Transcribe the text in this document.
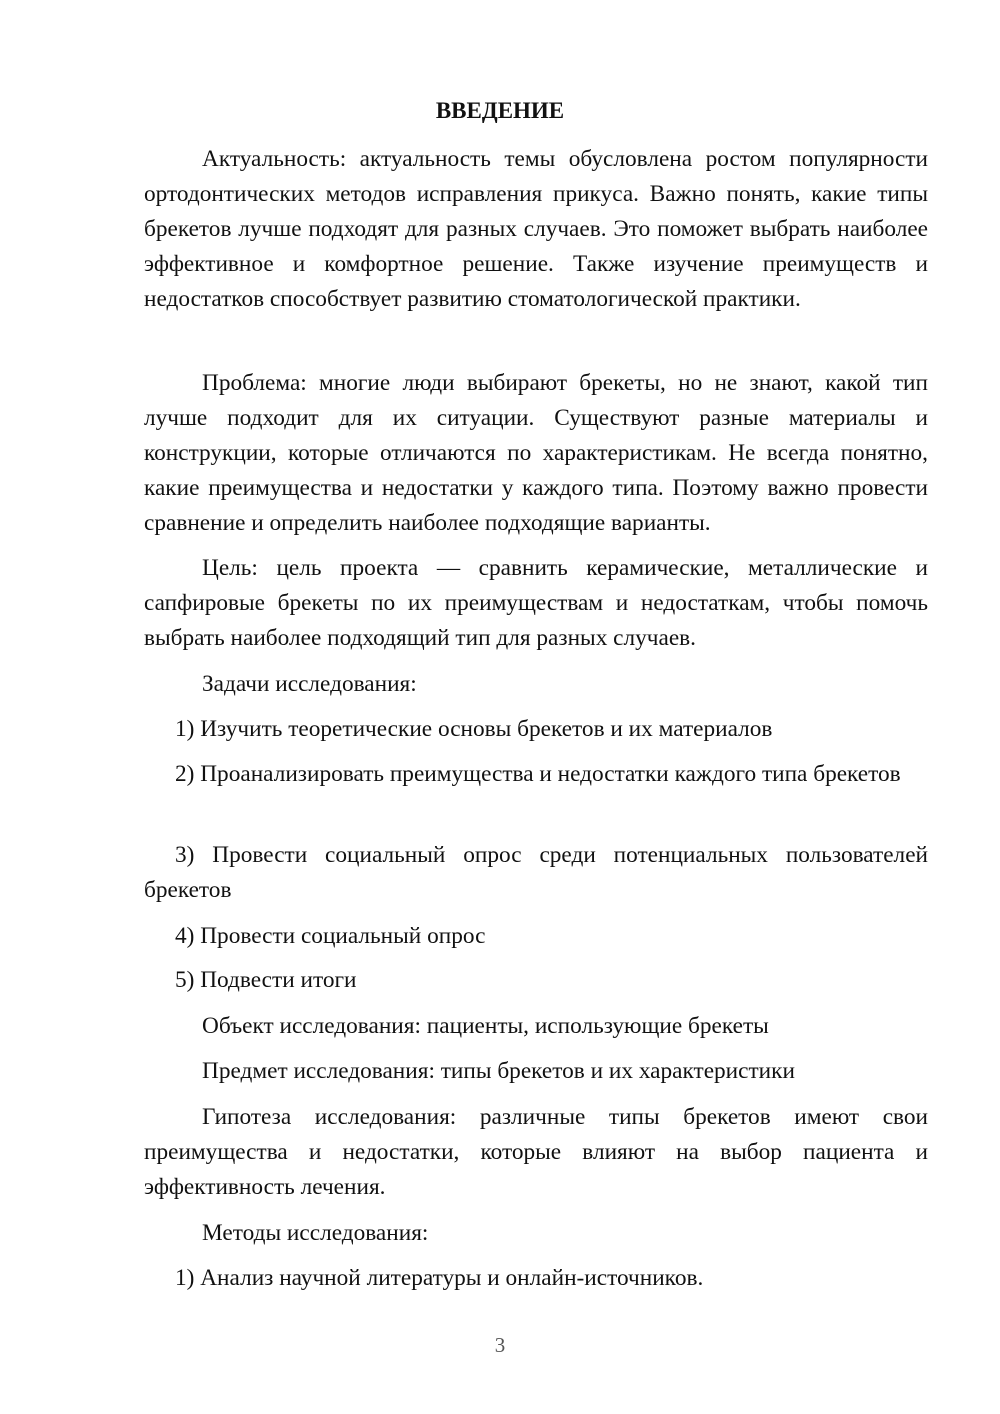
ВВЕДЕНИЕ

Актуальность: актуальность темы обусловлена ростом популярности ортодонтических методов исправления прикуса. Важно понять, какие типы брекетов лучше подходят для разных случаев. Это поможет выбрать наиболее эффективное и комфортное решение. Также изучение преимуществ и недостатков способствует развитию стоматологической практики.

Проблема: многие люди выбирают брекеты, но не знают, какой тип лучше подходит для их ситуации. Существуют разные материалы и конструкции, которые отличаются по характеристикам. Не всегда понятно, какие преимущества и недостатки у каждого типа. Поэтому важно провести сравнение и определить наиболее подходящие варианты.

Цель: цель проекта — сравнить керамические, металлические и сапфировые брекеты по их преимуществам и недостаткам, чтобы помочь выбрать наиболее подходящий тип для разных случаев.

Задачи исследования:

1) Изучить теоретические основы брекетов и их материалов

2) Проанализировать преимущества и недостатки каждого типа брекетов

3) Провести социальный опрос среди потенциальных пользователей брекетов

4) Провести социальный опрос

5) Подвести итоги

Объект исследования: пациенты, использующие брекеты

Предмет исследования: типы брекетов и их характеристики

Гипотеза исследования: различные типы брекетов имеют свои преимущества и недостатки, которые влияют на выбор пациента и эффективность лечения.

Методы исследования:

1) Анализ научной литературы и онлайн-источников.

3
